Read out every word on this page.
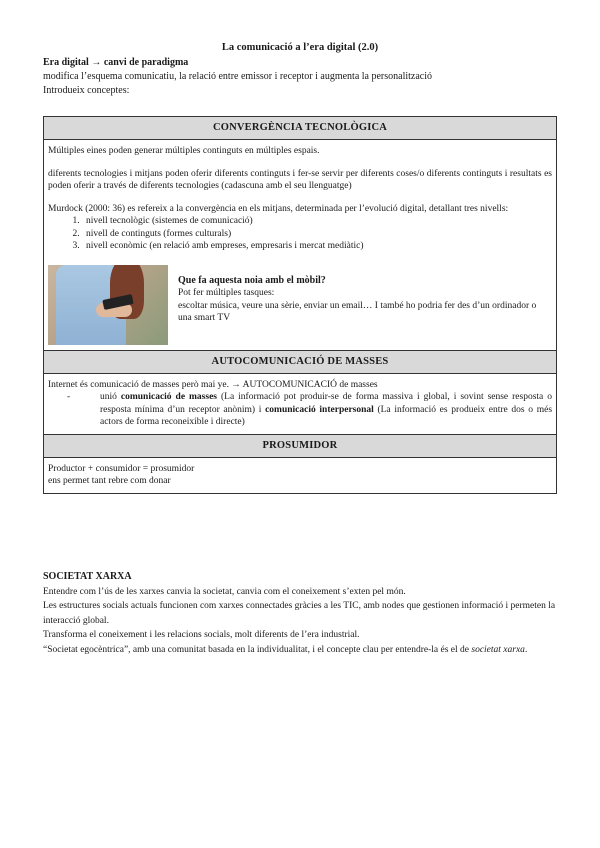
La comunicació a l’era digital (2.0)
Era digital → canvi de paradigma
modifica l’esquema comunicatiu, la relació entre emissor i receptor i augmenta la personalització
Introdueix conceptes:
CONVERGÈNCIA TECNOLÒGICA

Múltiples eines poden generar múltiples continguts en múltiples espais.

diferents tecnologies i mitjans poden oferir diferents continguts i fer-se servir per diferents coses/o diferents continguts i resultats es poden oferir a través de diferents tecnologies (cadascuna amb el seu llenguatge)

Murdock (2000: 36) es refereix a la convergència en els mitjans, determinada per l’evolució digital, detallant tres nivells:

1. nivell tecnològic (sistemes de comunicació)
2. nivell de continguts (formes culturals)
3. nivell econòmic (en relació amb empreses, empresaris i mercat mediàtic)
Que fa aquesta noia amb el mòbil?
Pot fer múltiples tasques:
escoltar música, veure una sèrie, enviar un email… I també ho podria fer des d’un ordinador o una smart TV
AUTOCOMUNICACIÓ DE MASSES
Internet és comunicació de masses però mai ye. → AUTOCOMUNICACIÓ de masses
-	unió comunicació de masses (La informació pot produir-se de forma massiva i global, i sovint sense resposta o resposta mínima d’un receptor anònim) i comunicació interpersonal (La informació es produeix entre dos o més actors de forma reconeixible i directe)
PROSUMIDOR
Productor + consumidor = prosumidor
ens permet tant rebre com donar
SOCIETAT XARXA

Entendre com l’ús de les xarxes canvia la societat, canvia com el coneixement s’exten pel món.

Les estructures socials actuals funcionen com xarxes connectades gràcies a les TIC, amb nodes que gestionen informació i permeten la interacció global.

Transforma el coneixement i les relacions socials, molt diferents de l’era industrial.

“Societat egocèntrica”, amb una comunitat basada en la individualitat, i el concepte clau per entendre-la és el de societat xarxa.
